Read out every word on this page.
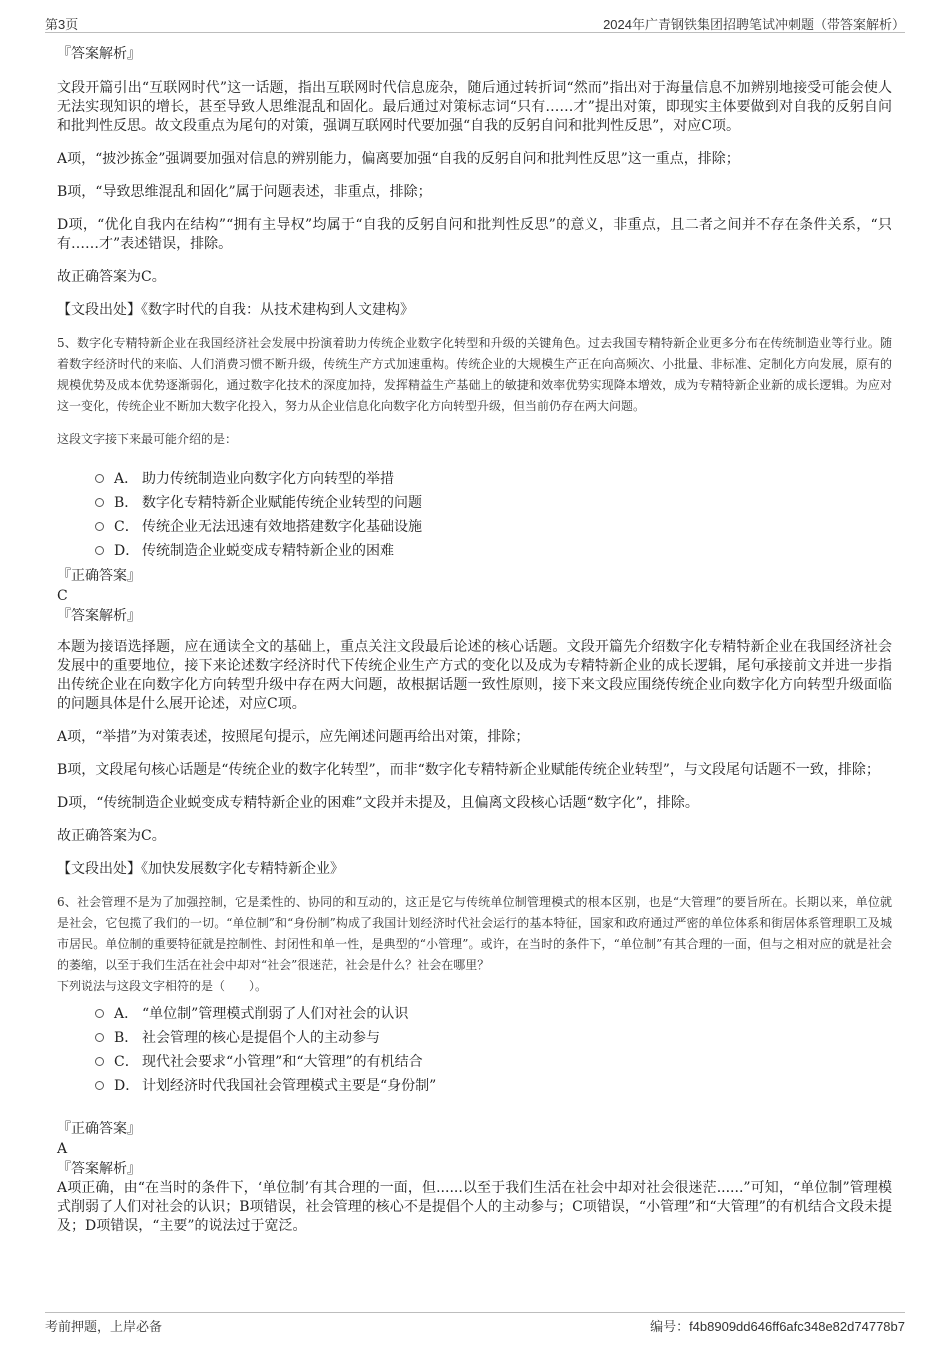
第3页	2024年广青钢铁集团招聘笔试冲刺题（带答案解析）

『答案解析』

文段开篇引出“互联网时代”这一话题，指出互联网时代信息庞杂，随后通过转折词“然而”指出对于海量信息不加辨别地接受可能会使人无法实现知识的增长，甚至导致人思维混乱和固化。最后通过对策标志词“只有……才”提出对策，即现实主体要做到对自我的反躬自问和批判性反思。故文段重点为尾句的对策，强调互联网时代要加强“自我的反躬自问和批判性反思”，对应C项。

A项，“披沙拣金”强调要加强对信息的辨别能力，偏离要加强“自我的反躬自问和批判性反思”这一重点，排除；

B项，“导致思维混乱和固化”属于问题表述，非重点，排除；

D项，“优化自我内在结构”“拥有主导权”均属于“自我的反躬自问和批判性反思”的意义，非重点，且二者之间并不存在条件关系，“只有……才”表述错误，排除。

故正确答案为C。

【文段出处】《数字时代的自我：从技术建构到人文建构》

5、数字化专精特新企业在我国经济社会发展中扮演着助力传统企业数字化转型和升级的关键角色。过去我国专精特新企业更多分布在传统制造业等行业。随着数字经济时代的来临、人们消费习惯不断升级，传统生产方式加速重构。传统企业的大规模生产正在向高频次、小批量、非标准、定制化方向发展，原有的规模优势及成本优势逐渐弱化，通过数字化技术的深度加持，发挥精益生产基础上的敏捷和效率优势实现降本增效，成为专精特新企业新的成长逻辑。为应对这一变化，传统企业不断加大数字化投入，努力从企业信息化向数字化方向转型升级，但当前仍存在两大问题。

这段文字接下来最可能介绍的是：

A． 助力传统制造业向数字化方向转型的举措
B． 数字化专精特新企业赋能传统企业转型的问题
C． 传统企业无法迅速有效地搭建数字化基础设施
D． 传统制造企业蜕变成专精特新企业的困难

『正确答案』

C

『答案解析』

本题为接语选择题，应在通读全文的基础上，重点关注文段最后论述的核心话题。文段开篇先介绍数字化专精特新企业在我国经济社会发展中的重要地位，接下来论述数字经济时代下传统企业生产方式的变化以及成为专精特新企业的成长逻辑，尾句承接前文并进一步指出传统企业在向数字化方向转型升级中存在两大问题，故根据话题一致性原则，接下来文段应围绕传统企业向数字化方向转型升级面临的问题具体是什么展开论述，对应C项。

A项，“举措”为对策表述，按照尾句提示，应先阐述问题再给出对策，排除；

B项，文段尾句核心话题是“传统企业的数字化转型”，而非“数字化专精特新企业赋能传统企业转型”，与文段尾句话题不一致，排除；

D项，“传统制造企业蜕变成专精特新企业的困难”文段并未提及，且偏离文段核心话题“数字化”，排除。

故正确答案为C。

【文段出处】《加快发展数字化专精特新企业》

6、社会管理不是为了加强控制，它是柔性的、协同的和互动的，这正是它与传统单位制管理模式的根本区别，也是“大管理”的要旨所在。长期以来，单位就是社会，它包揽了我们的一切。“单位制”和“身份制”构成了我国计划经济时代社会运行的基本特征，国家和政府通过严密的单位体系和街居体系管理职工及城市居民。单位制的重要特征就是控制性、封闭性和单一性，是典型的“小管理”。或许，在当时的条件下，“单位制”有其合理的一面，但与之相对应的就是社会的萎缩，以至于我们生活在社会中却对“社会”很迷茫，社会是什么？社会在哪里？

下列说法与这段文字相符的是（　　）。

A． “单位制”管理模式削弱了人们对社会的认识
B． 社会管理的核心是提倡个人的主动参与
C． 现代社会要求“小管理”和“大管理”的有机结合
D． 计划经济时代我国社会管理模式主要是“身份制”

『正确答案』

A

『答案解析』

A项正确，由“在当时的条件下，‘单位制’有其合理的一面，但......以至于我们生活在社会中却对社会很迷茫......”可知，“单位制”管理模式削弱了人们对社会的认识；B项错误，社会管理的核心不是提倡个人的主动参与；C项错误，“小管理”和“大管理”的有机结合文段未提及；D项错误，“主要”的说法过于宽泛。

考前押题，上岸必备	编号：f4b8909dd646ff6afc348e82d74778b7
